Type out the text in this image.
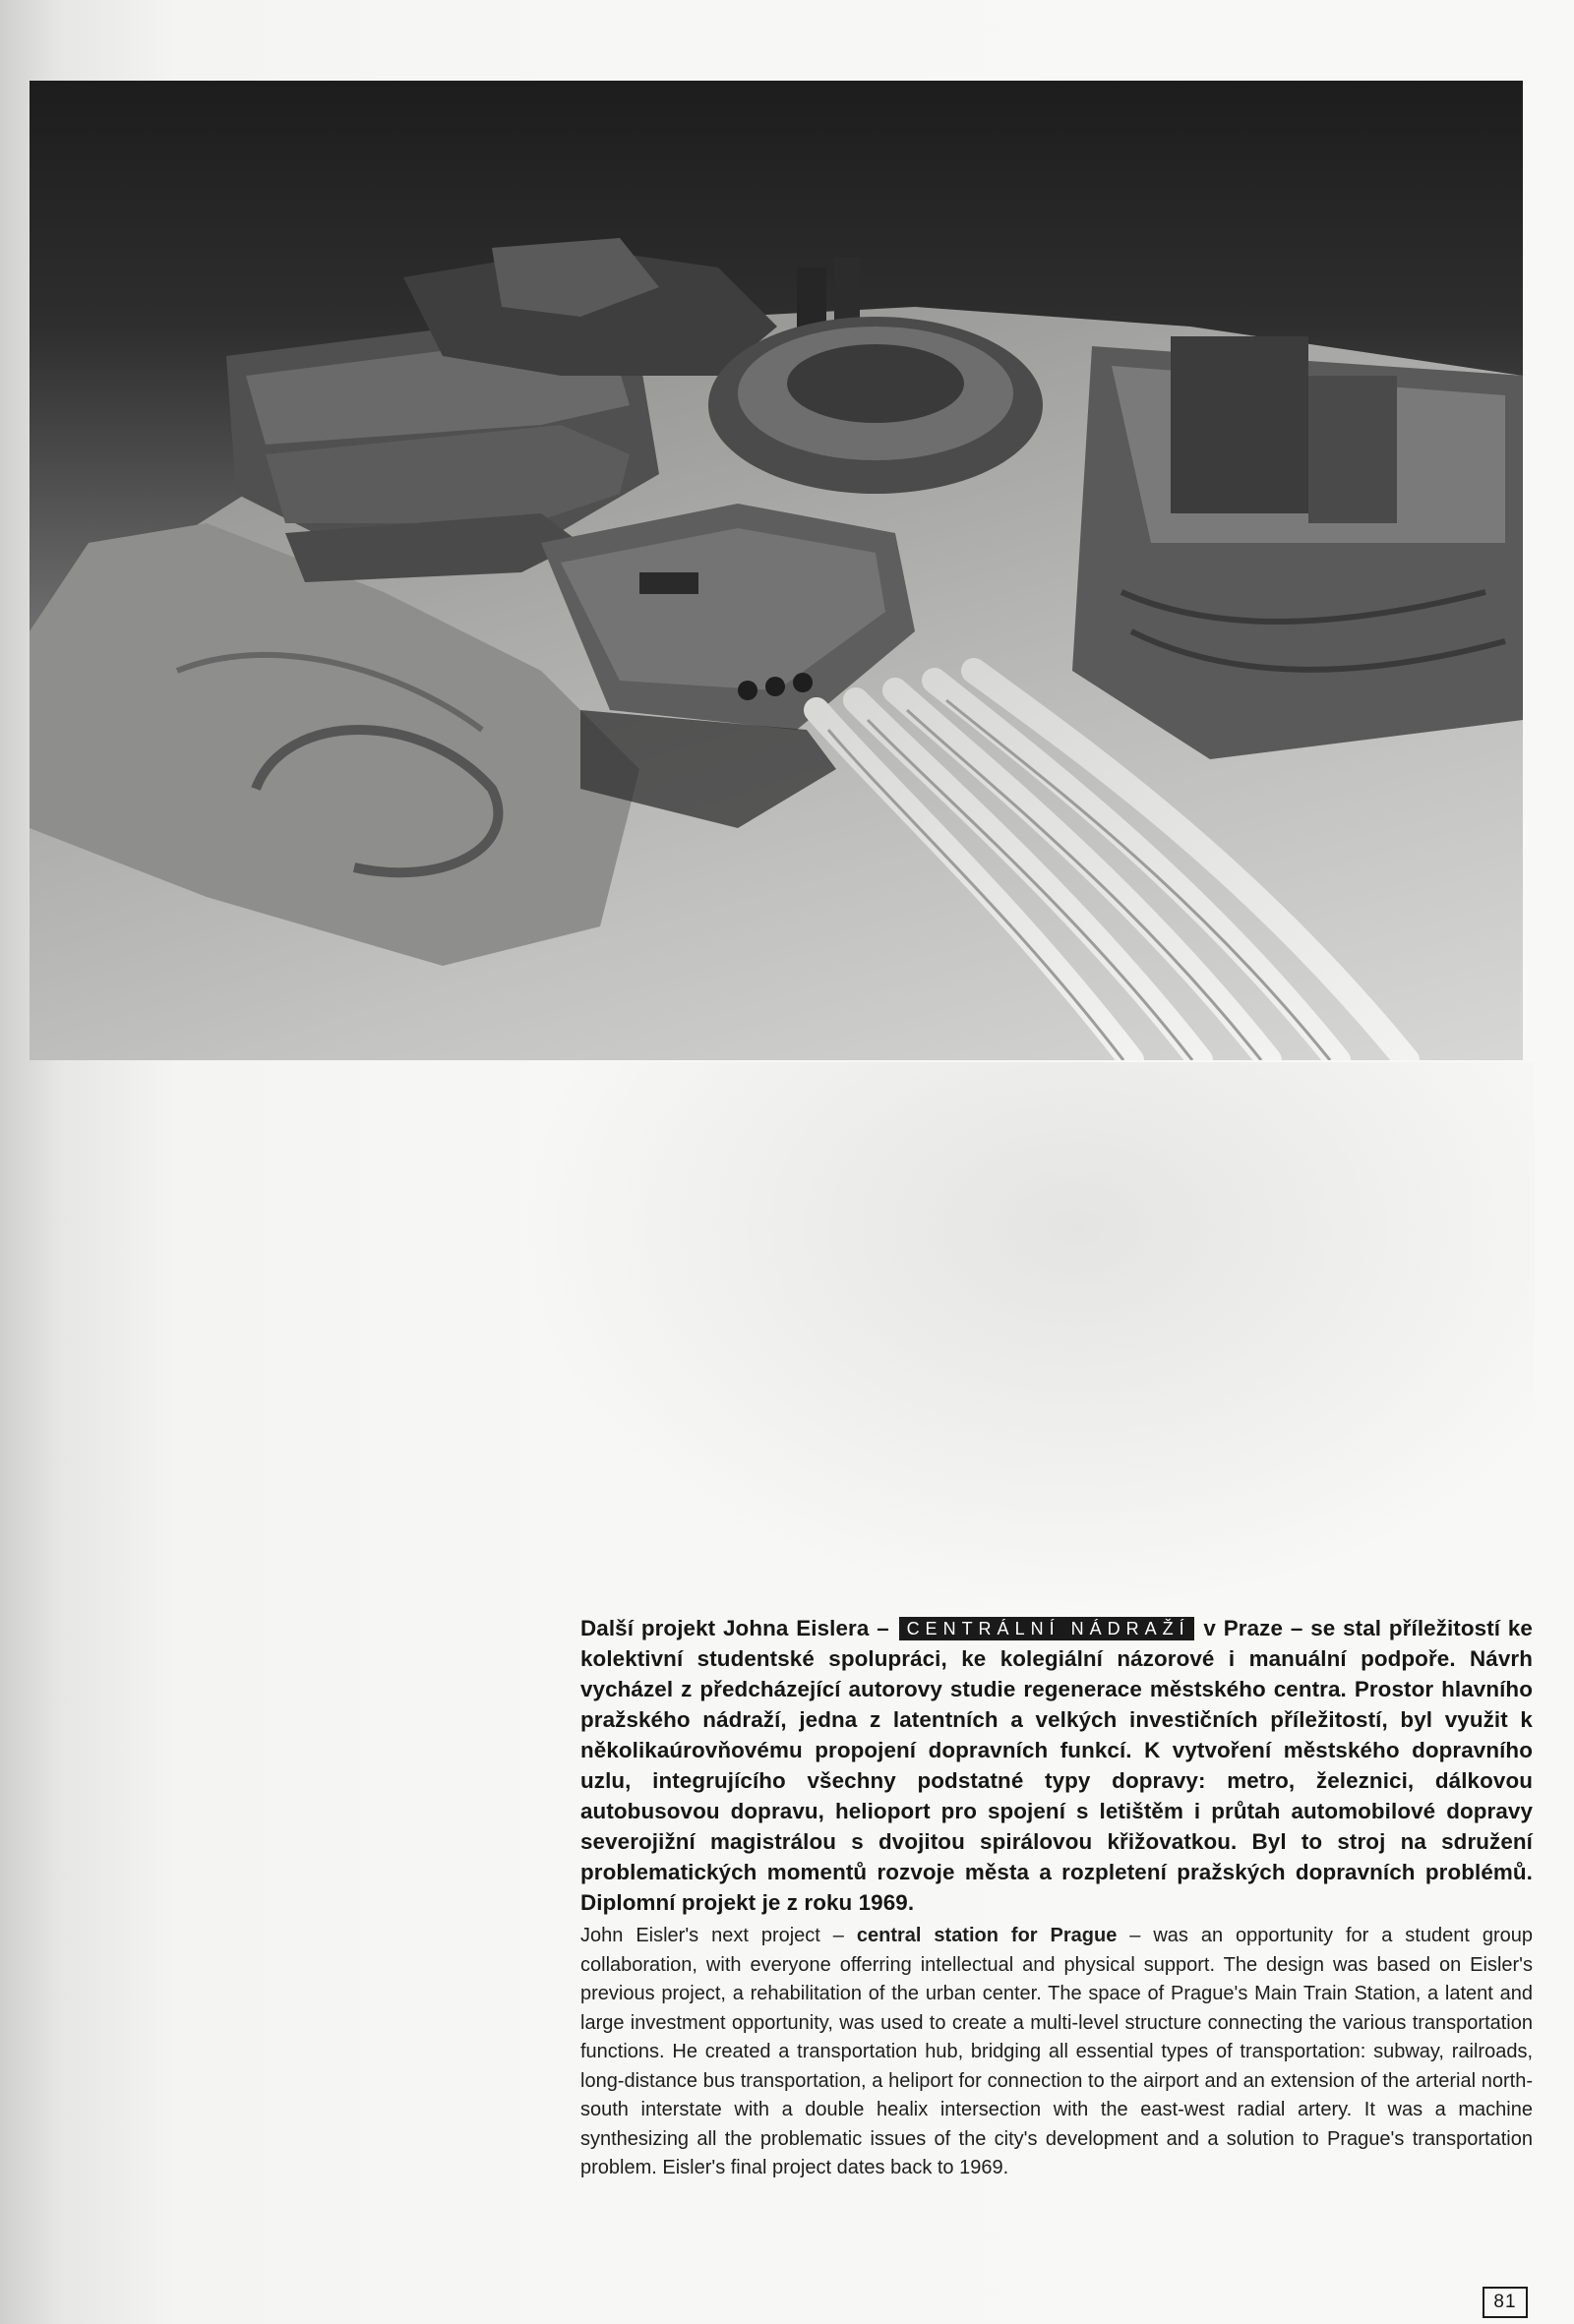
Další projekt Johna Eislera – CENTRÁLNÍ NÁDRAŽÍ v Praze – se stal příležitostí ke kolektivní studentské spolupráci, ke kolegiální názorové i manuální podpoře. Návrh vycházel z předcházející autorovy studie regenerace městského centra. Prostor hlavního pražského nádraží, jedna z latentních a velkých investičních příležitostí, byl využit k několikaúrovňovému propojení dopravních funkcí. K vytvoření městského dopravního uzlu, integrujícího všechny podstatné typy dopravy: metro, železnici, dálkovou autobusovou dopravu, helioport pro spojení s letištěm i průtah automobilové dopravy severojižní magistrálou s dvojitou spirálovou křižovatkou. Byl to stroj na sdružení problematických momentů rozvoje města a rozpletení pražských dopravních problémů. Diplomní projekt je z roku 1969.

John Eisler's next project – central station for Prague – was an opportunity for a student group collaboration, with everyone offerring intellectual and physical support. The design was based on Eisler's previous project, a rehabilitation of the urban center. The space of Prague's Main Train Station, a latent and large investment opportunity, was used to create a multi-level structure connecting the various transportation functions. He created a transportation hub, bridging all essential types of transportation: subway, railroads, long-distance bus transportation, a heliport for connection to the airport and an extension of the arterial north-south interstate with a double healix intersection with the east-west radial artery. It was a machine synthesizing all the problematic issues of the city's development and a solution to Prague's transportation problem. Eisler's final project dates back to 1969.

81
